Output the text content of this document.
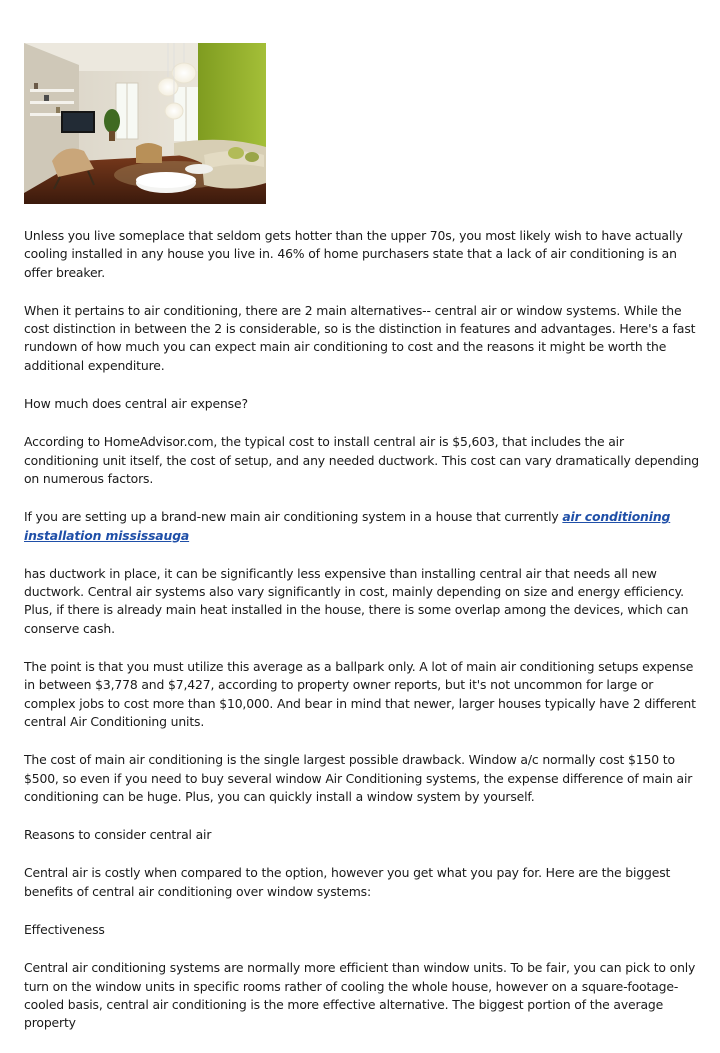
Unless you live someplace that seldom gets hotter than the upper 70s, you most likely wish to have actually cooling installed in any house you live in. 46% of home purchasers state that a lack of air conditioning is an offer breaker.

When it pertains to air conditioning, there are 2 main alternatives-- central air or window systems. While the cost distinction in between the 2 is considerable, so is the distinction in features and advantages. Here's a fast rundown of how much you can expect main air conditioning to cost and the reasons it might be worth the additional expenditure.

How much does central air expense?

According to HomeAdvisor.com, the typical cost to install central air is $5,603, that includes the air conditioning unit itself, the cost of setup, and any needed ductwork. This cost can vary dramatically depending on numerous factors.

If you are setting up a brand-new main air conditioning system in a house that currently air conditioning installation mississauga

has ductwork in place, it can be significantly less expensive than installing central air that needs all new ductwork. Central air systems also vary significantly in cost, mainly depending on size and energy efficiency. Plus, if there is already main heat installed in the house, there is some overlap among the devices, which can conserve cash.

The point is that you must utilize this average as a ballpark only. A lot of main air conditioning setups expense in between $3,778 and $7,427, according to property owner reports, but it's not uncommon for large or complex jobs to cost more than $10,000. And bear in mind that newer, larger houses typically have 2 different central Air Conditioning units.

The cost of main air conditioning is the single largest possible drawback. Window a/c normally cost $150 to $500, so even if you need to buy several window Air Conditioning systems, the expense difference of main air conditioning can be huge. Plus, you can quickly install a window system by yourself.

Reasons to consider central air

Central air is costly when compared to the option, however you get what you pay for. Here are the biggest benefits of central air conditioning over window systems:

Effectiveness

Central air conditioning systems are normally more efficient than window units. To be fair, you can pick to only turn on the window units in specific rooms rather of cooling the whole house, however on a square-footage-cooled basis, central air conditioning is the more effective alternative. The biggest portion of the average property
